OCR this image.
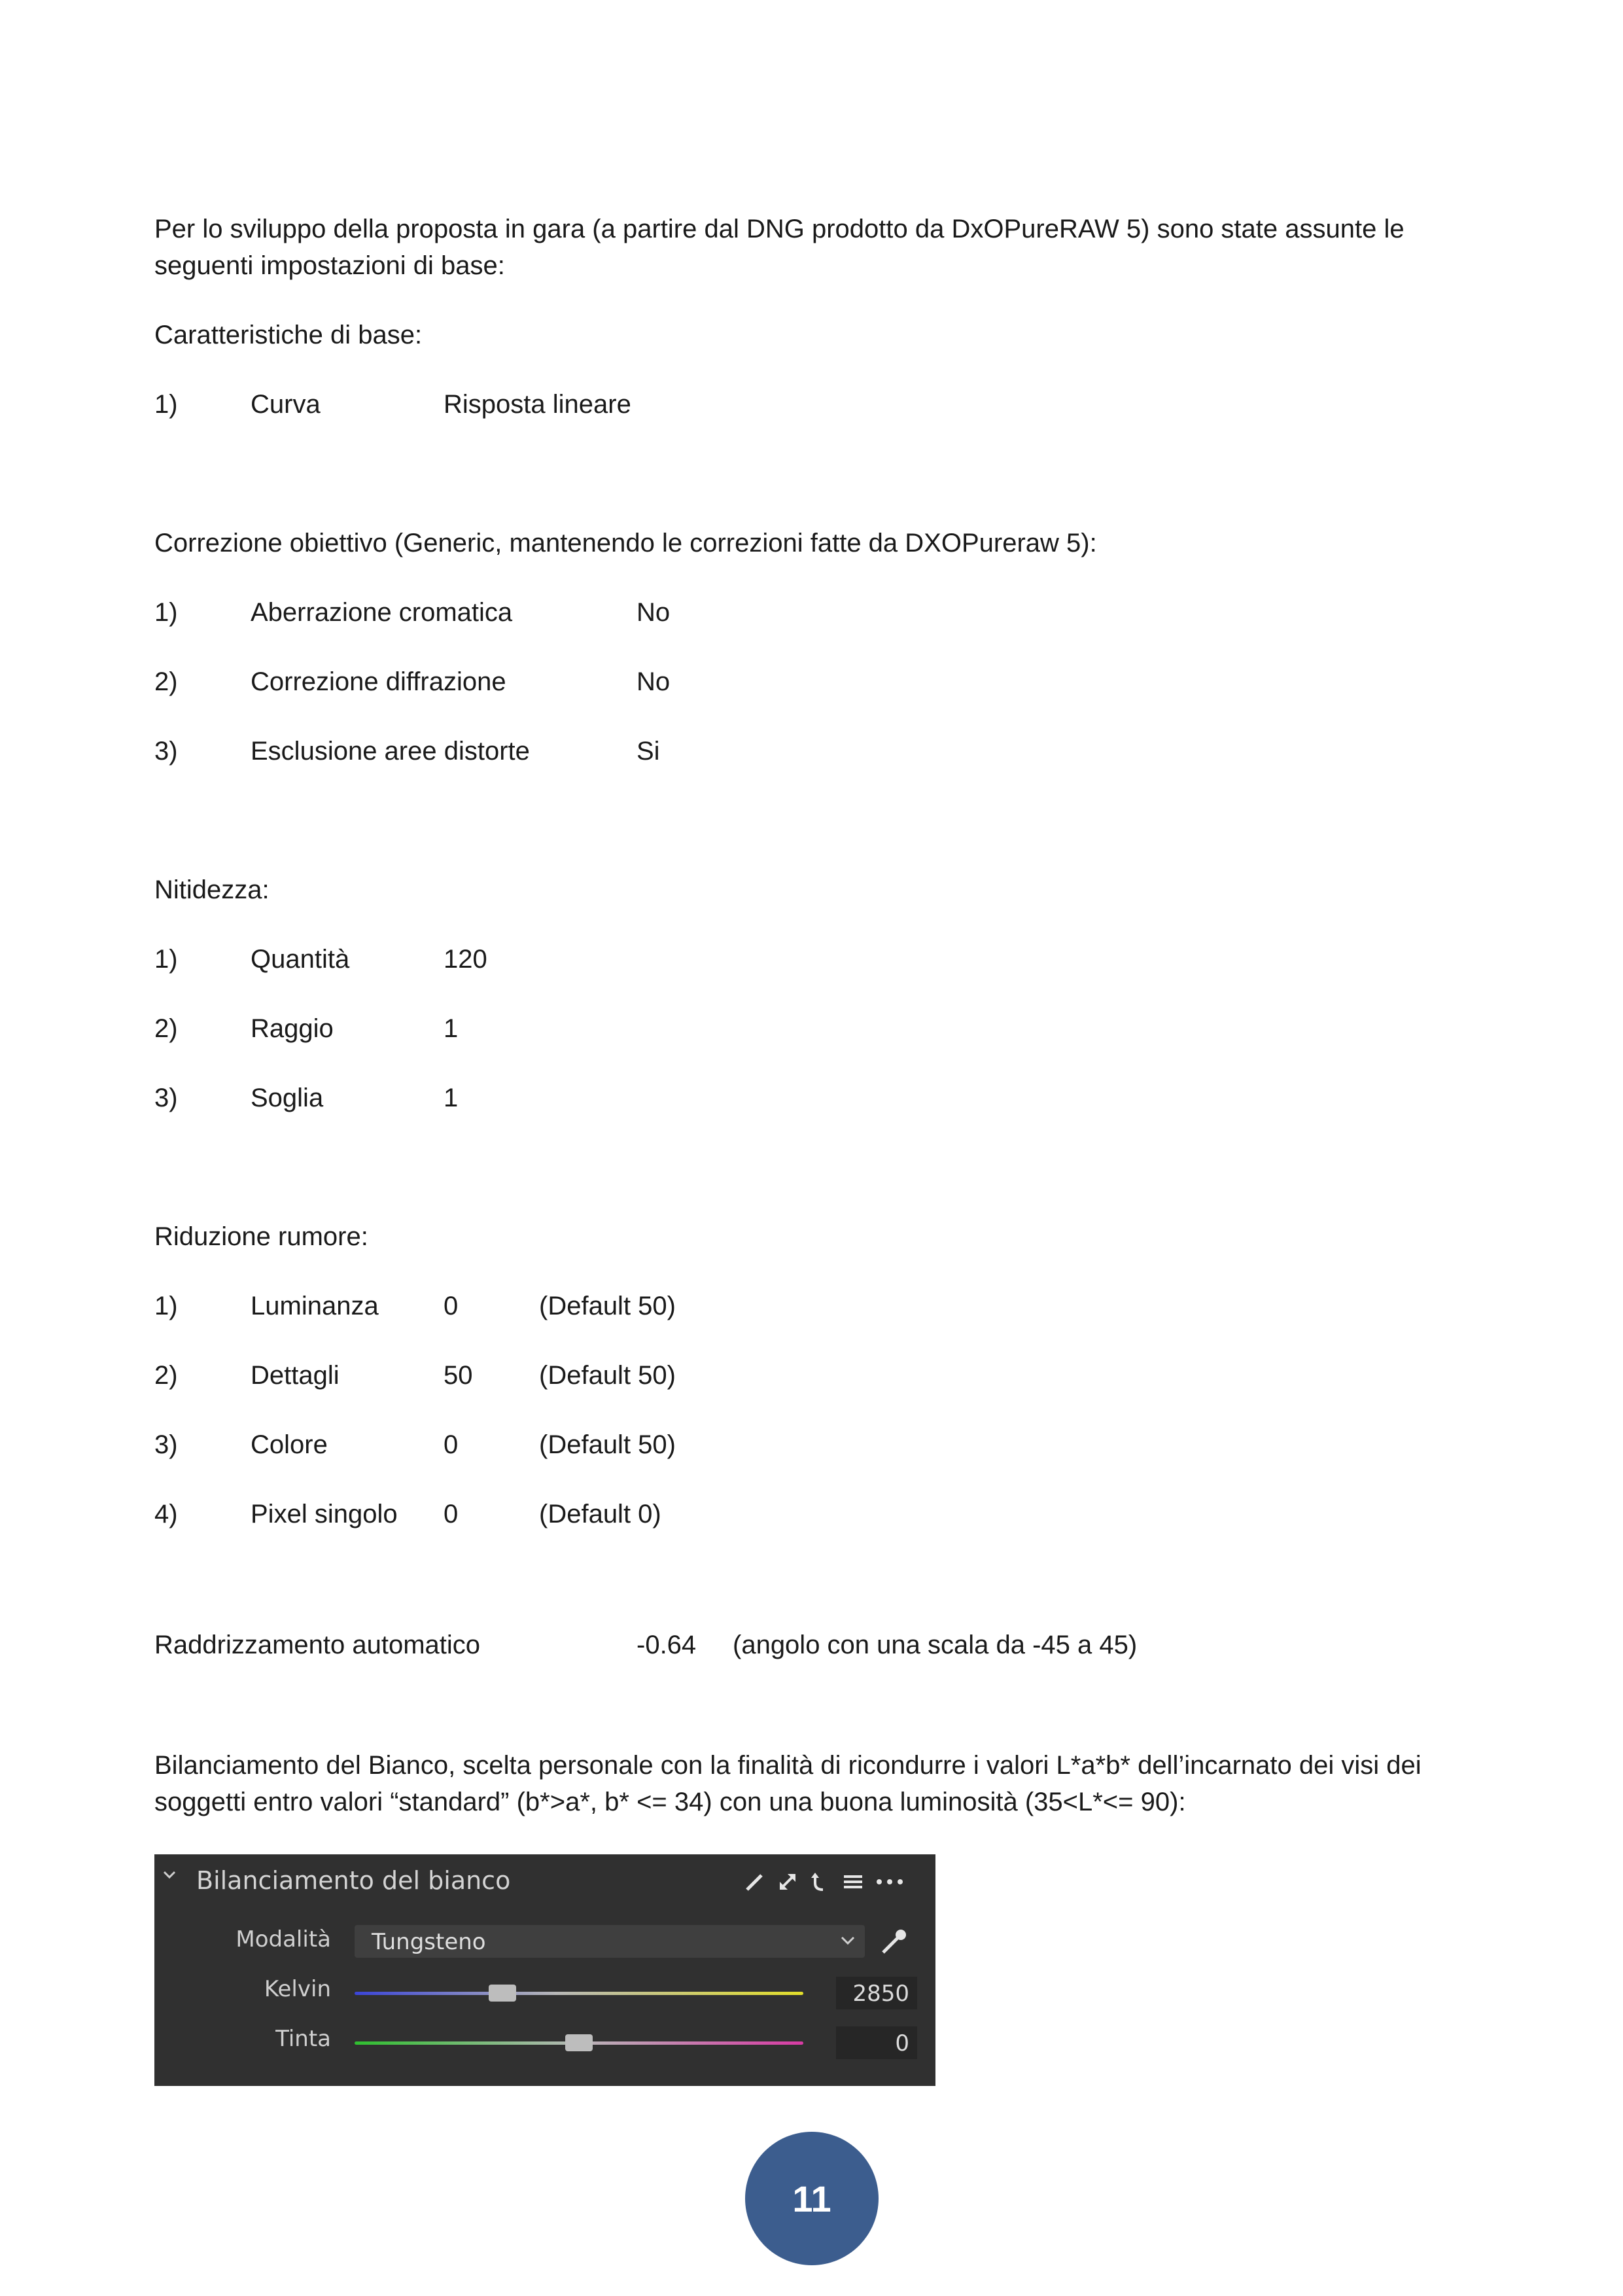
Per lo sviluppo della proposta in gara (a partire dal DNG prodotto da DxOPureRAW 5) sono state assunte le seguenti impostazioni di base:
Caratteristiche di base:
1)	Curva	Risposta lineare
Correzione obiettivo (Generic, mantenendo le correzioni fatte da DXOPureraw 5):
1)	Aberrazione cromatica	No
2)	Correzione diffrazione	No
3)	Esclusione aree distorte	Si
Nitidezza:
1)	Quantità	120
2)	Raggio	1
3)	Soglia	1
Riduzione rumore:
1)	Luminanza 0	(Default 50)
2)	Dettagli	50	(Default 50)
3)	Colore	0	(Default 50)
4)	Pixel singolo 0	(Default 0)
Raddrizzamento automatico	-0.64 (angolo con una scala da -45 a 45)
Bilanciamento del Bianco, scelta personale con la finalità di ricondurre i valori L*a*b* dell’incarnato dei visi dei soggetti entro valori “standard” (b*>a*, b* <= 34) con una buona luminosità (35<L*<= 90):
Bilanciamento del bianco
Modalità Tungsteno
Kelvin	2850
Tinta	0
11
